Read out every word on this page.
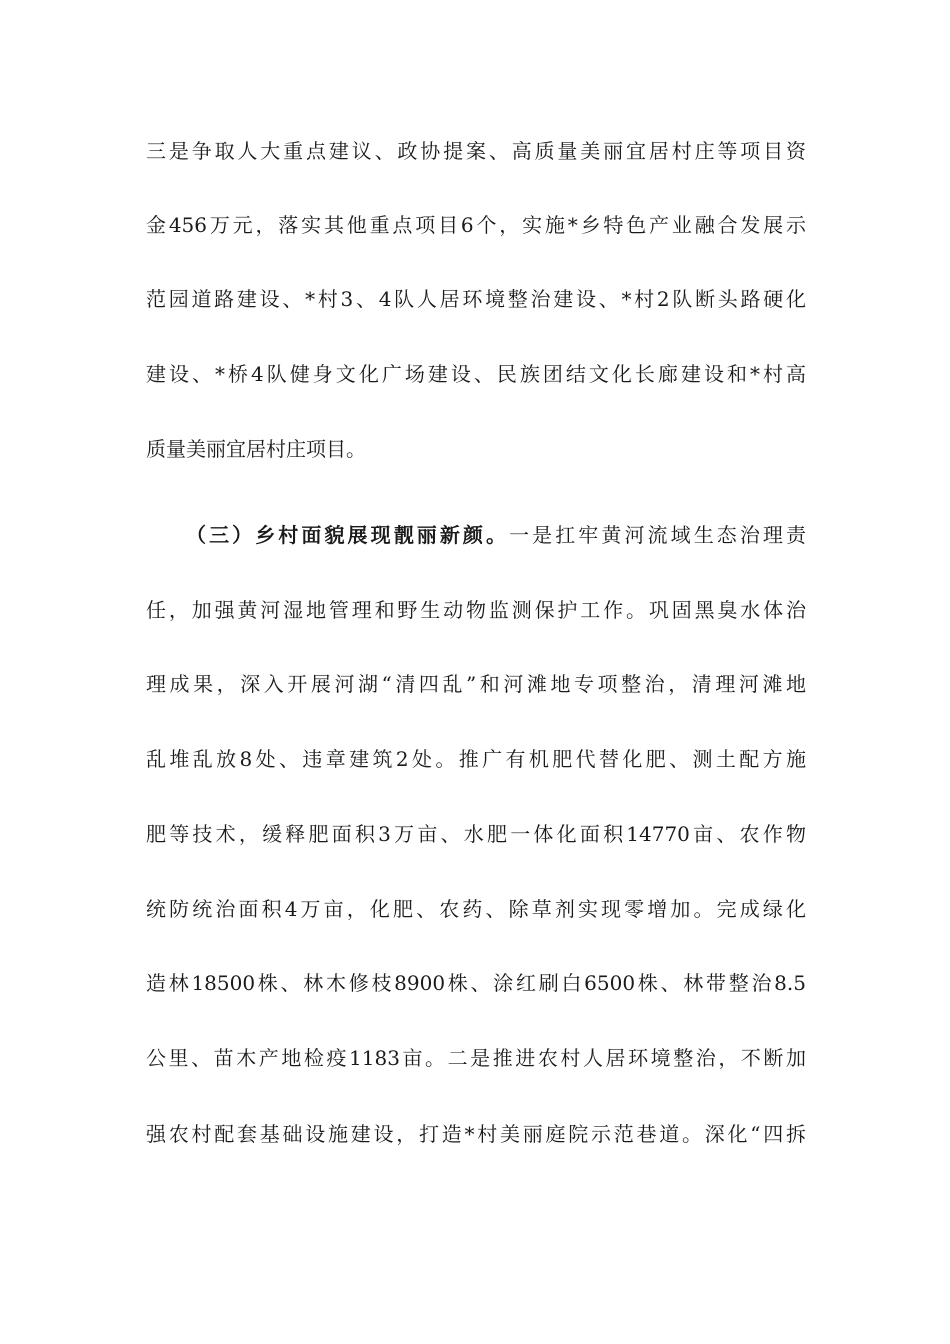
三是争取人大重点建议、政协提案、高质量美丽宜居村庄等项目资
金456万元，落实其他重点项目6个，实施*乡特色产业融合发展示
范园道路建设、*村3、4队人居环境整治建设、*村2队断头路硬化
建设、*桥4队健身文化广场建设、民族团结文化长廊建设和*村高
质量美丽宜居村庄项目。
（三）乡村面貌展现靓丽新颜。一是扛牢黄河流域生态治理责
任，加强黄河湿地管理和野生动物监测保护工作。巩固黑臭水体治
理成果，深入开展河湖“清四乱”和河滩地专项整治，清理河滩地
乱堆乱放8处、违章建筑2处。推广有机肥代替化肥、测土配方施
肥等技术，缓释肥面积3万亩、水肥一体化面积14770亩、农作物
统防统治面积4万亩，化肥、农药、除草剂实现零增加。完成绿化
造林18500株、林木修枝8900株、涂红刷白6500株、林带整治8.5
公里、苗木产地检疫1183亩。二是推进农村人居环境整治，不断加
强农村配套基础设施建设，打造*村美丽庭院示范巷道。深化“四拆
